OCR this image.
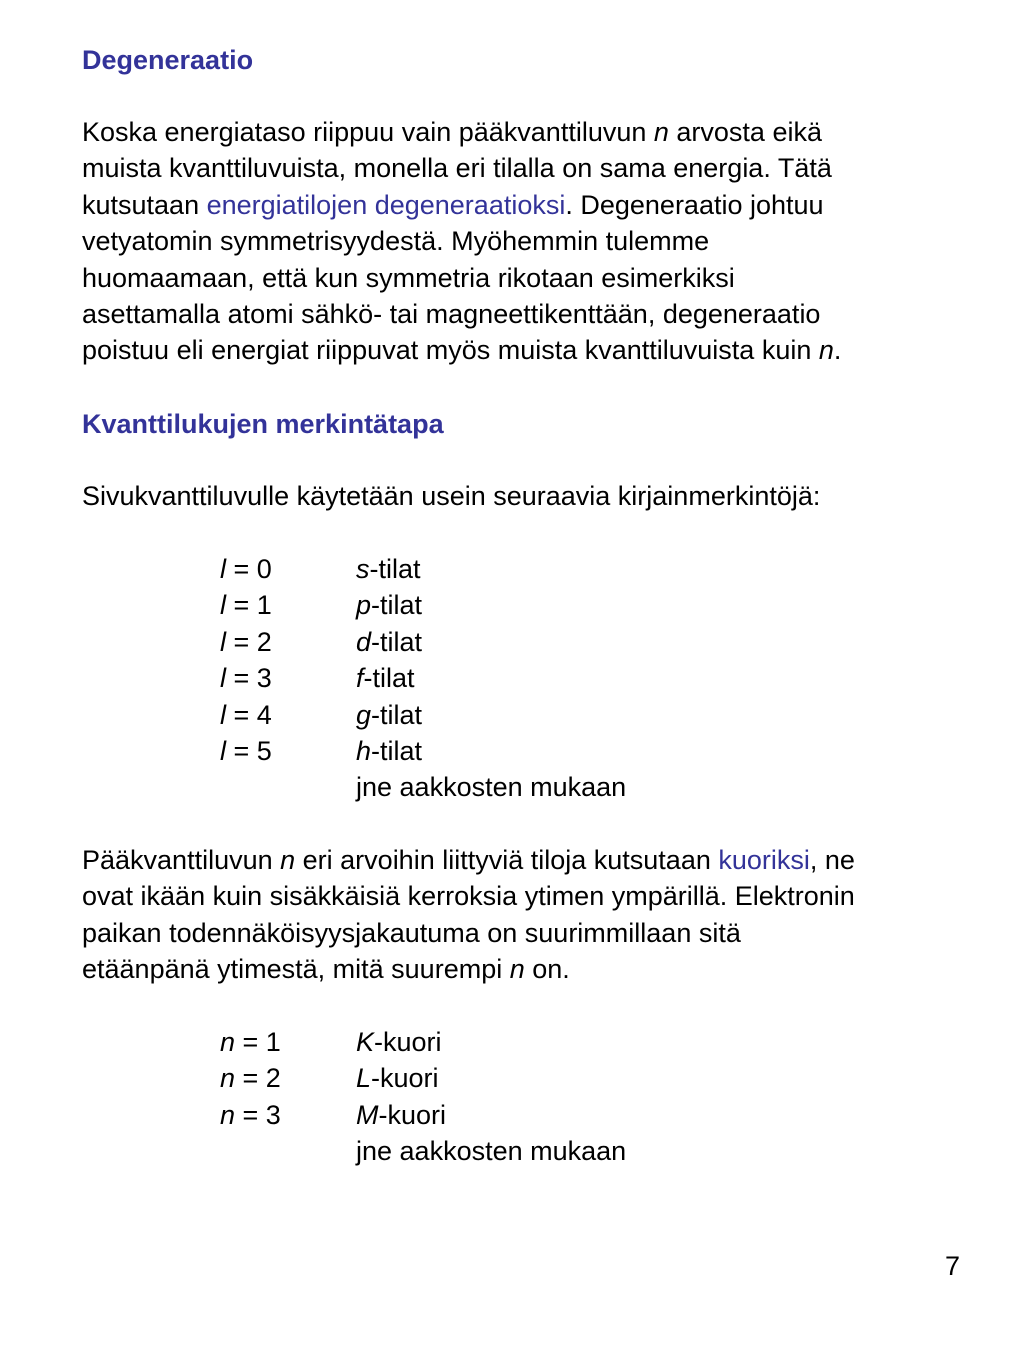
Degeneraatio
Koska energiataso riippuu vain pääkvanttiluvun n arvosta eikä
muista kvanttiluvuista, monella eri tilalla on sama energia. Tätä
kutsutaan energiatilojen degeneraatioksi. Degeneraatio johtuu
vetyatomin symmetrisyydestä. Myöhemmin tulemme
huomaamaan, että kun symmetria rikotaan esimerkiksi
asettamalla atomi sähkö- tai magneettikenttään, degeneraatio
poistuu eli energiat riippuvat myös muista kvanttiluvuista kuin n.
Kvanttilukujen merkintätapa
Sivukvanttiluvulle käytetään usein seuraavia kirjainmerkintöjä:
l = 0	s-tilat
l = 1	p-tilat
l = 2	d-tilat
l = 3	f-tilat
l = 4	g-tilat
l = 5	h-tilat
jne aakkosten mukaan
Pääkvanttiluvun n eri arvoihin liittyviä tiloja kutsutaan kuoriksi, ne
ovat ikään kuin sisäkkäisiä kerroksia ytimen ympärillä. Elektronin
paikan todennäköisyysjakautuma on suurimmillaan sitä
etäänpänä ytimestä, mitä suurempi n on.
n = 1	K-kuori
n = 2	L-kuori
n = 3	M-kuori
jne aakkosten mukaan
7
